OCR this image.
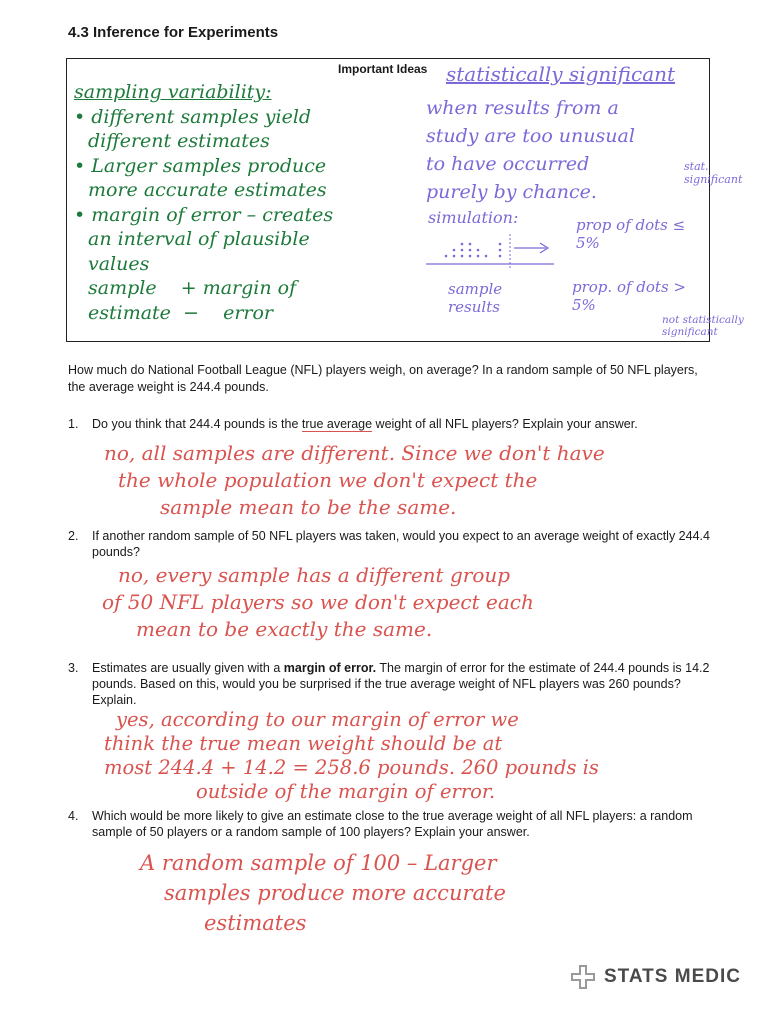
4.3 Inference for Experiments
Important Ideas
sampling variability:
• different samples yield
different estimates
• Larger samples produce
more accurate estimates
• margin of error – creates
an interval of plausible
values
sample    + margin of
estimate  −    error
statistically significant
when results from a
study are too unusual
to have occurred
purely by chance.
simulation:	prop of dots ≤ 5%
stat. significant
sample results
prop. of dots > 5%
not statistically significant
How much do National Football League (NFL) players weigh, on average? In a random sample of 50 NFL players, the average weight is 244.4 pounds.
1. Do you think that 244.4 pounds is the true average weight of all NFL players? Explain your answer.
no, all samples are different. Since we don't have
the whole population we don't expect the
sample mean to be the same.
2. If another random sample of 50 NFL players was taken, would you expect to an average weight of exactly 244.4 pounds?
no, every sample has a different group
of 50 NFL players so we don't expect each
mean to be exactly the same.
3. Estimates are usually given with a margin of error. The margin of error for the estimate of 244.4 pounds is 14.2 pounds. Based on this, would you be surprised if the true average weight of NFL players was 260 pounds? Explain.
yes, according to our margin of error we
think the true mean weight should be at
most 244.4 + 14.2 = 258.6 pounds. 260 pounds is
outside of the margin of error.
4. Which would be more likely to give an estimate close to the true average weight of all NFL players: a random sample of 50 players or a random sample of 100 players? Explain your answer.
A random sample of 100 – Larger
samples produce more accurate
estimates
STATS MEDIC
